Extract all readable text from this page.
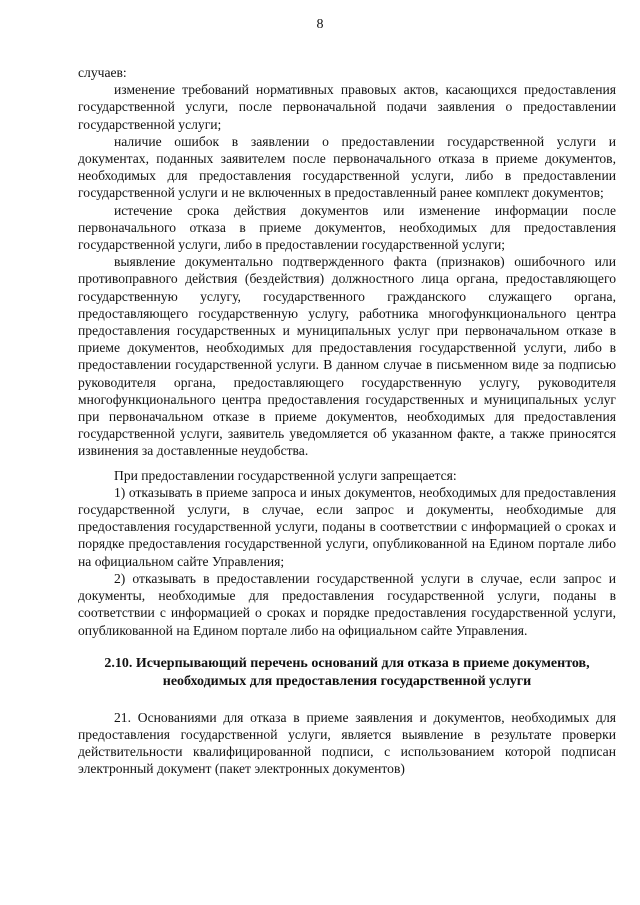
8

случаев:

изменение требований нормативных правовых актов, касающихся предоставления государственной услуги, после первоначальной подачи заявления о предоставлении государственной услуги;

наличие ошибок в заявлении о предоставлении государственной услуги и документах, поданных заявителем после первоначального отказа в приеме документов, необходимых для предоставления государственной услуги, либо в предоставлении государственной услуги и не включенных в предоставленный ранее комплект документов;

истечение срока действия документов или изменение информации после первоначального отказа в приеме документов, необходимых для предоставления государственной услуги, либо в предоставлении государственной услуги;

выявление документально подтвержденного факта (признаков) ошибочного или противоправного действия (бездействия) должностного лица органа, предоставляющего государственную услугу, государственного гражданского служащего органа, предоставляющего государственную услугу, работника многофункционального центра предоставления государственных и муниципальных услуг при первоначальном отказе в приеме документов, необходимых для предоставления государственной услуги, либо в предоставлении государственной услуги. В данном случае в письменном виде за подписью руководителя органа, предоставляющего государственную услугу, руководителя многофункционального центра предоставления государственных и муниципальных услуг при первоначальном отказе в приеме документов, необходимых для предоставления государственной услуги, заявитель уведомляется об указанном факте, а также приносятся извинения за доставленные неудобства.

При предоставлении государственной услуги запрещается:

1) отказывать в приеме запроса и иных документов, необходимых для предоставления государственной услуги, в случае, если запрос и документы, необходимые для предоставления государственной услуги, поданы в соответствии с информацией о сроках и порядке предоставления государственной услуги, опубликованной на Едином портале либо на официальном сайте Управления;

2) отказывать в предоставлении государственной услуги в случае, если запрос и документы, необходимые для предоставления государственной услуги, поданы в соответствии с информацией о сроках и порядке предоставления государственной услуги, опубликованной на Едином портале либо на официальном сайте Управления.

2.10. Исчерпывающий перечень оснований для отказа в приеме документов,
необходимых для предоставления государственной услуги

21. Основаниями для отказа в приеме заявления и документов, необходимых для предоставления государственной услуги, является выявление в результате проверки действительности квалифицированной подписи, с использованием которой подписан электронный документ (пакет электронных документов)
